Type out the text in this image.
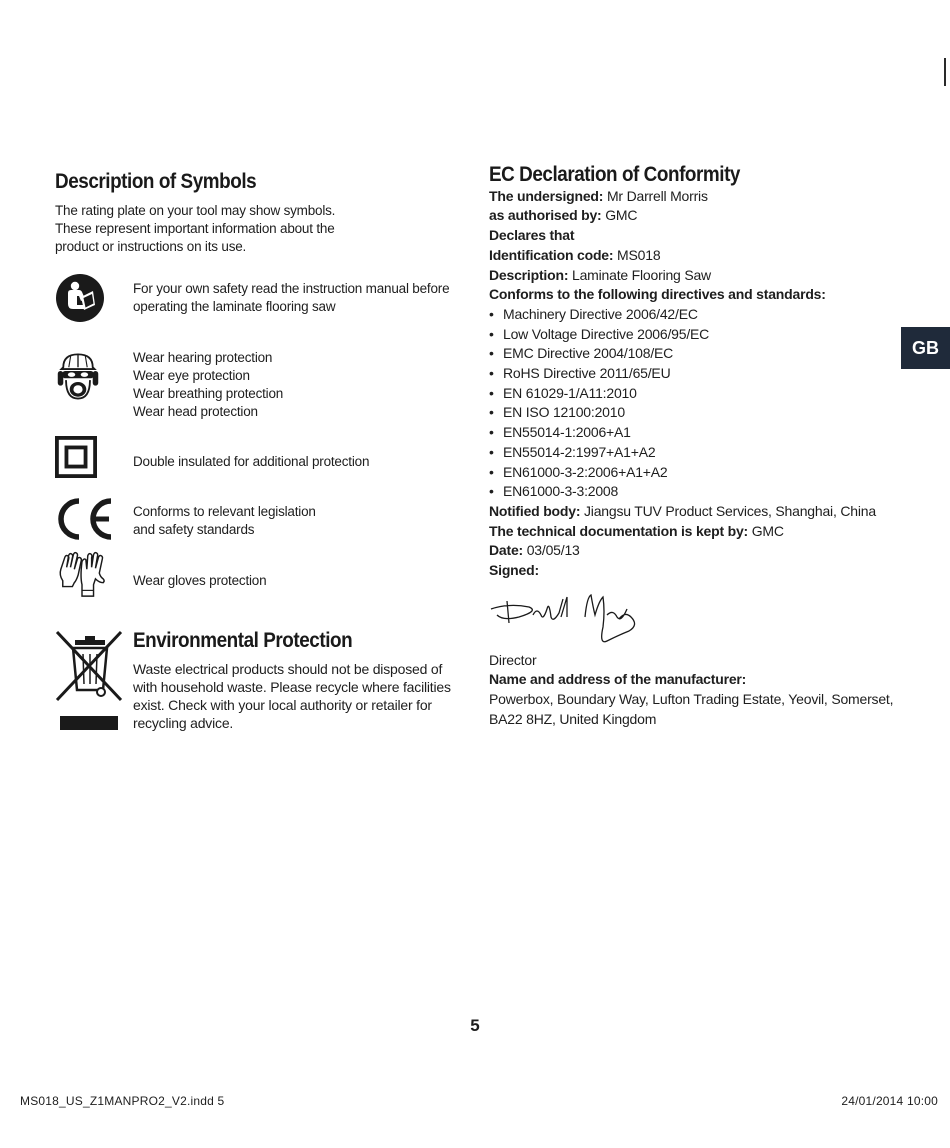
Description of Symbols
The rating plate on your tool may show symbols. These represent important information about the product or instructions on its use.
For your own safety read the instruction manual before
operating the laminate flooring saw
Wear hearing protection
Wear eye protection
Wear breathing protection
Wear head protection
Double insulated for additional protection
Conforms to relevant legislation
and safety standards
Wear gloves protection
Environmental Protection
Waste electrical products should not be disposed of with household waste. Please recycle where facilities exist. Check with your local authority or retailer for recycling advice.
EC Declaration of Conformity
The undersigned: Mr Darrell Morris
as authorised by: GMC
Declares that
Identification code: MS018
Description: Laminate Flooring Saw
Conforms to the following directives and standards:
• Machinery Directive 2006/42/EC
• Low Voltage Directive 2006/95/EC
• EMC Directive 2004/108/EC
• RoHS Directive 2011/65/EU
• EN 61029-1/A11:2010
• EN ISO 12100:2010
• EN55014-1:2006+A1
• EN55014-2:1997+A1+A2
• EN61000-3-2:2006+A1+A2
• EN61000-3-3:2008
Notified body: Jiangsu TUV Product Services, Shanghai, China
The technical documentation is kept by: GMC
Date: 03/05/13
Signed:
Director
Name and address of the manufacturer:
Powerbox, Boundary Way, Lufton Trading Estate, Yeovil, Somerset,
BA22 8HZ, United Kingdom
GB
5
MS018_US_Z1MANPRO2_V2.indd 5	24/01/2014 10:00
